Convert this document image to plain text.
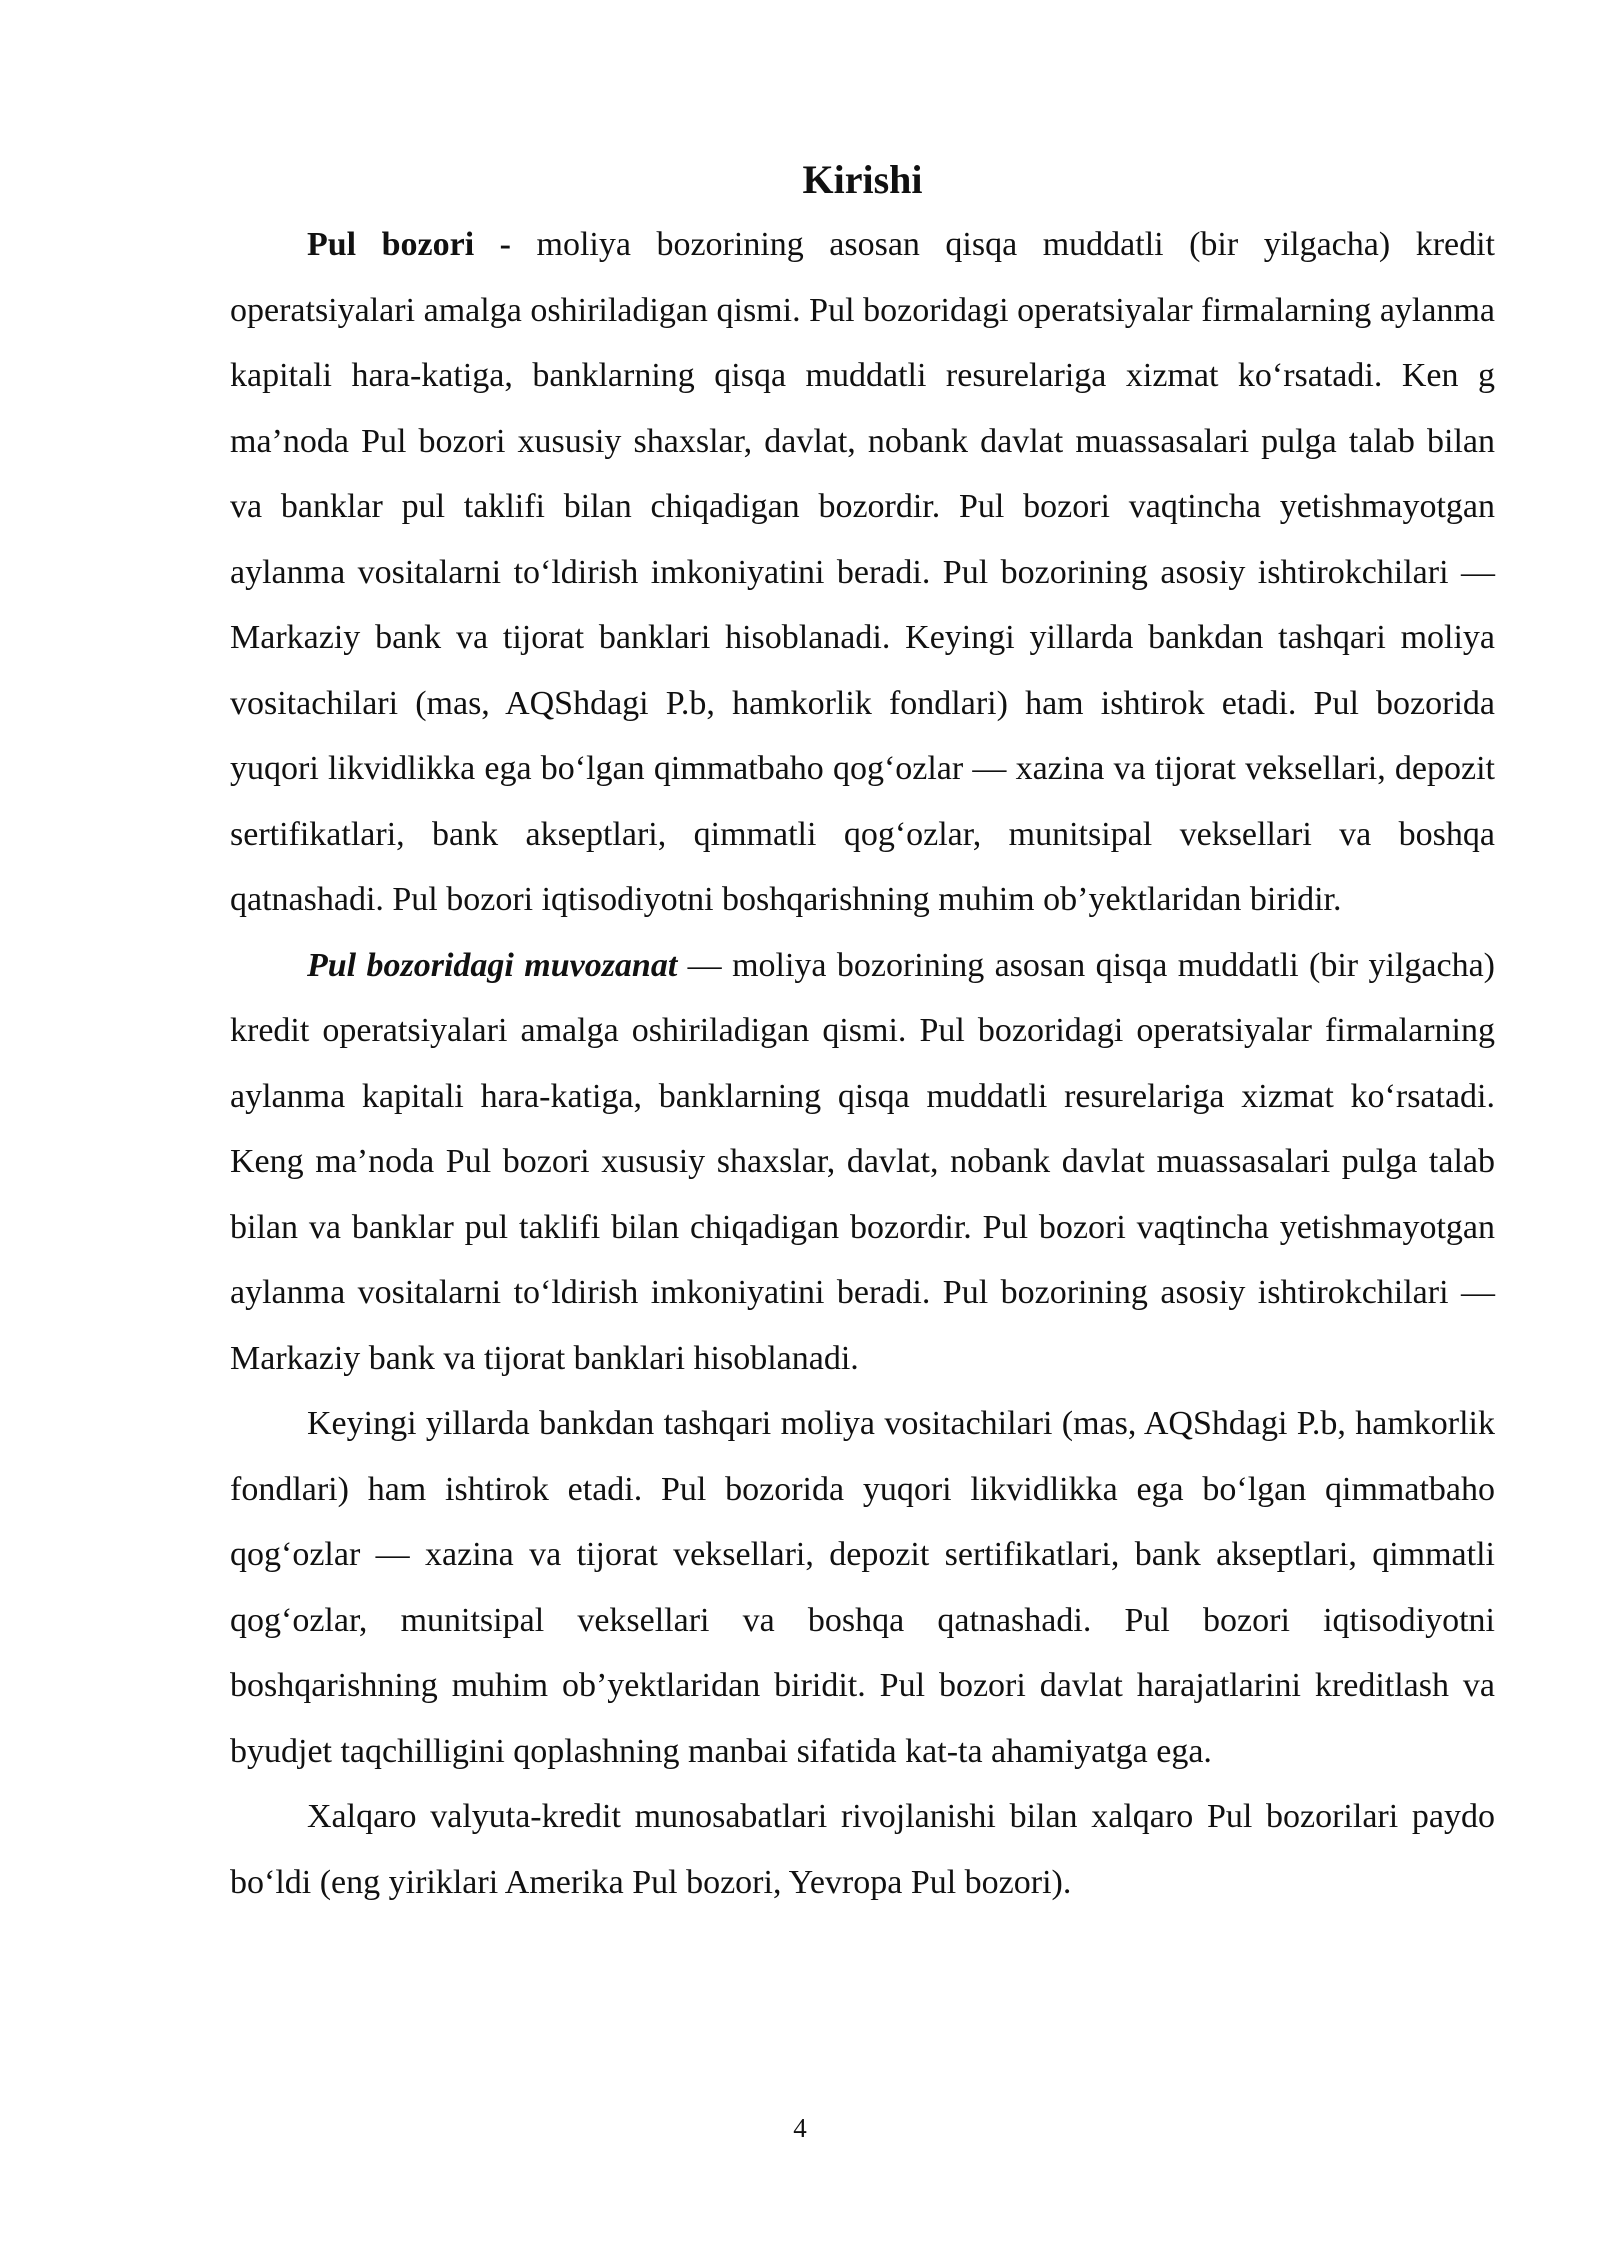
Kirishi

Pul bozori - moliya bozorining asosan qisqa muddatli (bir yilgacha) kredit operatsiyalari amalga oshiriladigan qismi. Pul bozoridagi operatsiyalar firmalarning aylanma kapitali hara-katiga, banklarning qisqa muddatli resurelariga xizmat ko‘rsatadi. Ken g ma’noda Pul bozori xususiy shaxslar, davlat, nobank davlat muassasalari pulga talab bilan va banklar pul taklifi bilan chiqadigan bozordir. Pul bozori vaqtincha yetishmayotgan aylanma vositalarni to‘ldirish imkoniyatini beradi. Pul bozorining asosiy ishtirokchilari — Markaziy bank va tijorat banklari hisoblanadi. Keyingi yillarda bankdan tashqari moliya vositachilari (mas, AQShdagi P.b, hamkorlik fondlari) ham ishtirok etadi. Pul bozorida yuqori likvidlikka ega bo‘lgan qimmatbaho qog‘ozlar — xazina va tijorat veksellari, depozit sertifikatlari, bank akseptlari, qimmatli qog‘ozlar, munitsipal veksellari va boshqa qatnashadi. Pul bozori iqtisodiyotni boshqarishning muhim ob’yektlaridan biridir.

Pul bozoridagi muvozanat — moliya bozorining asosan qisqa muddatli (bir yilgacha) kredit operatsiyalari amalga oshiriladigan qismi. Pul bozoridagi operatsiyalar firmalarning aylanma kapitali hara-katiga, banklarning qisqa muddatli resurelariga xizmat ko‘rsatadi. Keng ma’noda Pul bozori xususiy shaxslar, davlat, nobank davlat muassasalari pulga talab bilan va banklar pul taklifi bilan chiqadigan bozordir. Pul bozori vaqtincha yetishmayotgan aylanma vositalarni to‘ldirish imkoniyatini beradi. Pul bozorining asosiy ishtirokchilari — Markaziy bank va tijorat banklari hisoblanadi.

Keyingi yillarda bankdan tashqari moliya vositachilari (mas, AQShdagi P.b, hamkorlik fondlari) ham ishtirok etadi. Pul bozorida yuqori likvidlikka ega bo‘lgan qimmatbaho qog‘ozlar — xazina va tijorat veksellari, depozit sertifikatlari, bank akseptlari, qimmatli qog‘ozlar, munitsipal veksellari va boshqa qatnashadi. Pul bozori iqtisodiyotni boshqarishning muhim ob’yektlaridan biridit. Pul bozori davlat harajatlarini kreditlash va byudjet taqchilligini qoplashning manbai sifatida kat-ta ahamiyatga ega.

Xalqaro valyuta-kredit munosabatlari rivojlanishi bilan xalqaro Pul bozorilari paydo bo‘ldi (eng yiriklari Amerika Pul bozori, Yevropa Pul bozori).

4
